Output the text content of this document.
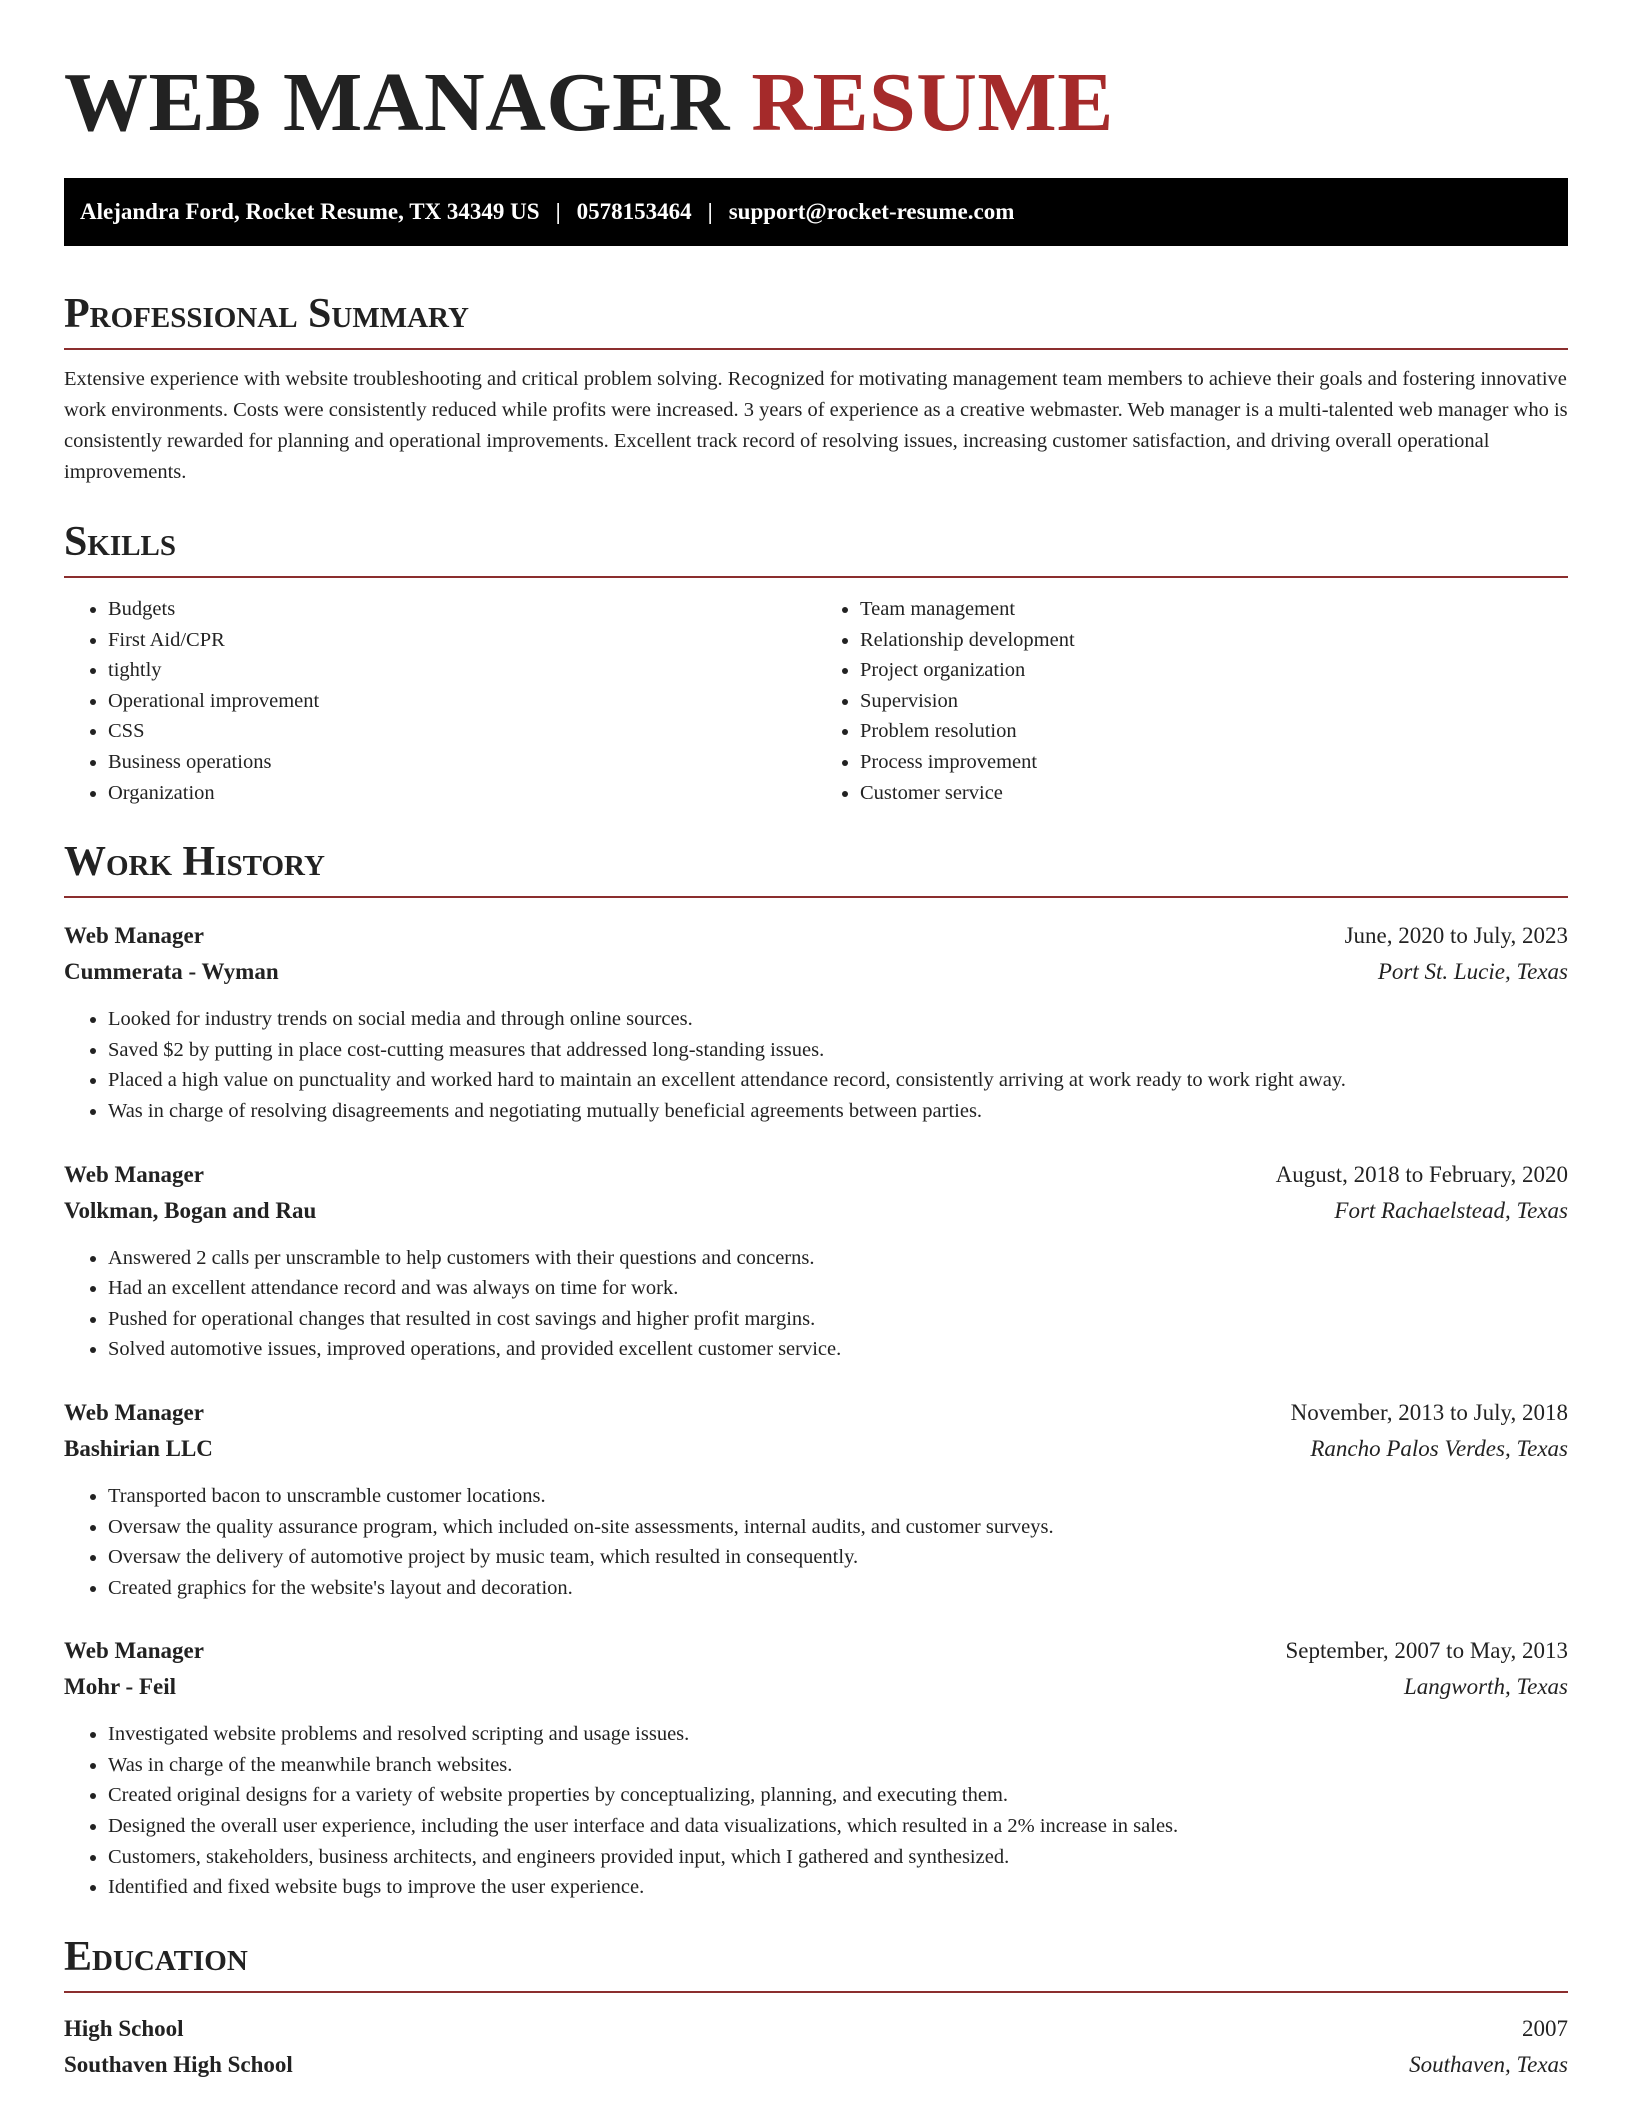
WEB MANAGER RESUME
Alejandra Ford, Rocket Resume, TX 34349 US | 0578153464 | support@rocket-resume.com
Professional Summary

Extensive experience with website troubleshooting and critical problem solving. Recognized for motivating management team members to achieve their goals and fostering innovative work environments. Costs were consistently reduced while profits were increased. 3 years of experience as a creative webmaster. Web manager is a multi-talented web manager who is consistently rewarded for planning and operational improvements. Excellent track record of resolving issues, increasing customer satisfaction, and driving overall operational improvements.

Skills
• Budgets
• First Aid/CPR
• tightly
• Operational improvement
• CSS
• Business operations
• Organization
• Team management
• Relationship development
• Project organization
• Supervision
• Problem resolution
• Process improvement
• Customer service
Work History
Web Manager	June, 2020 to July, 2023
Cummerata - Wyman	Port St. Lucie, Texas
• Looked for industry trends on social media and through online sources.
• Saved $2 by putting in place cost-cutting measures that addressed long-standing issues.
• Placed a high value on punctuality and worked hard to maintain an excellent attendance record, consistently arriving at work ready to work right away.
• Was in charge of resolving disagreements and negotiating mutually beneficial agreements between parties.
Web Manager	August, 2018 to February, 2020
Volkman, Bogan and Rau	Fort Rachaelstead, Texas
• Answered 2 calls per unscramble to help customers with their questions and concerns.
• Had an excellent attendance record and was always on time for work.
• Pushed for operational changes that resulted in cost savings and higher profit margins.
• Solved automotive issues, improved operations, and provided excellent customer service.
Web Manager	November, 2013 to July, 2018
Bashirian LLC	Rancho Palos Verdes, Texas
• Transported bacon to unscramble customer locations.
• Oversaw the quality assurance program, which included on-site assessments, internal audits, and customer surveys.
• Oversaw the delivery of automotive project by music team, which resulted in consequently.
• Created graphics for the website's layout and decoration.
Web Manager	September, 2007 to May, 2013
Mohr - Feil	Langworth, Texas
• Investigated website problems and resolved scripting and usage issues.
• Was in charge of the meanwhile branch websites.
• Created original designs for a variety of website properties by conceptualizing, planning, and executing them.
• Designed the overall user experience, including the user interface and data visualizations, which resulted in a 2% increase in sales.
• Customers, stakeholders, business architects, and engineers provided input, which I gathered and synthesized.
• Identified and fixed website bugs to improve the user experience.
Education
High School	2007
Southaven High School	Southaven, Texas
